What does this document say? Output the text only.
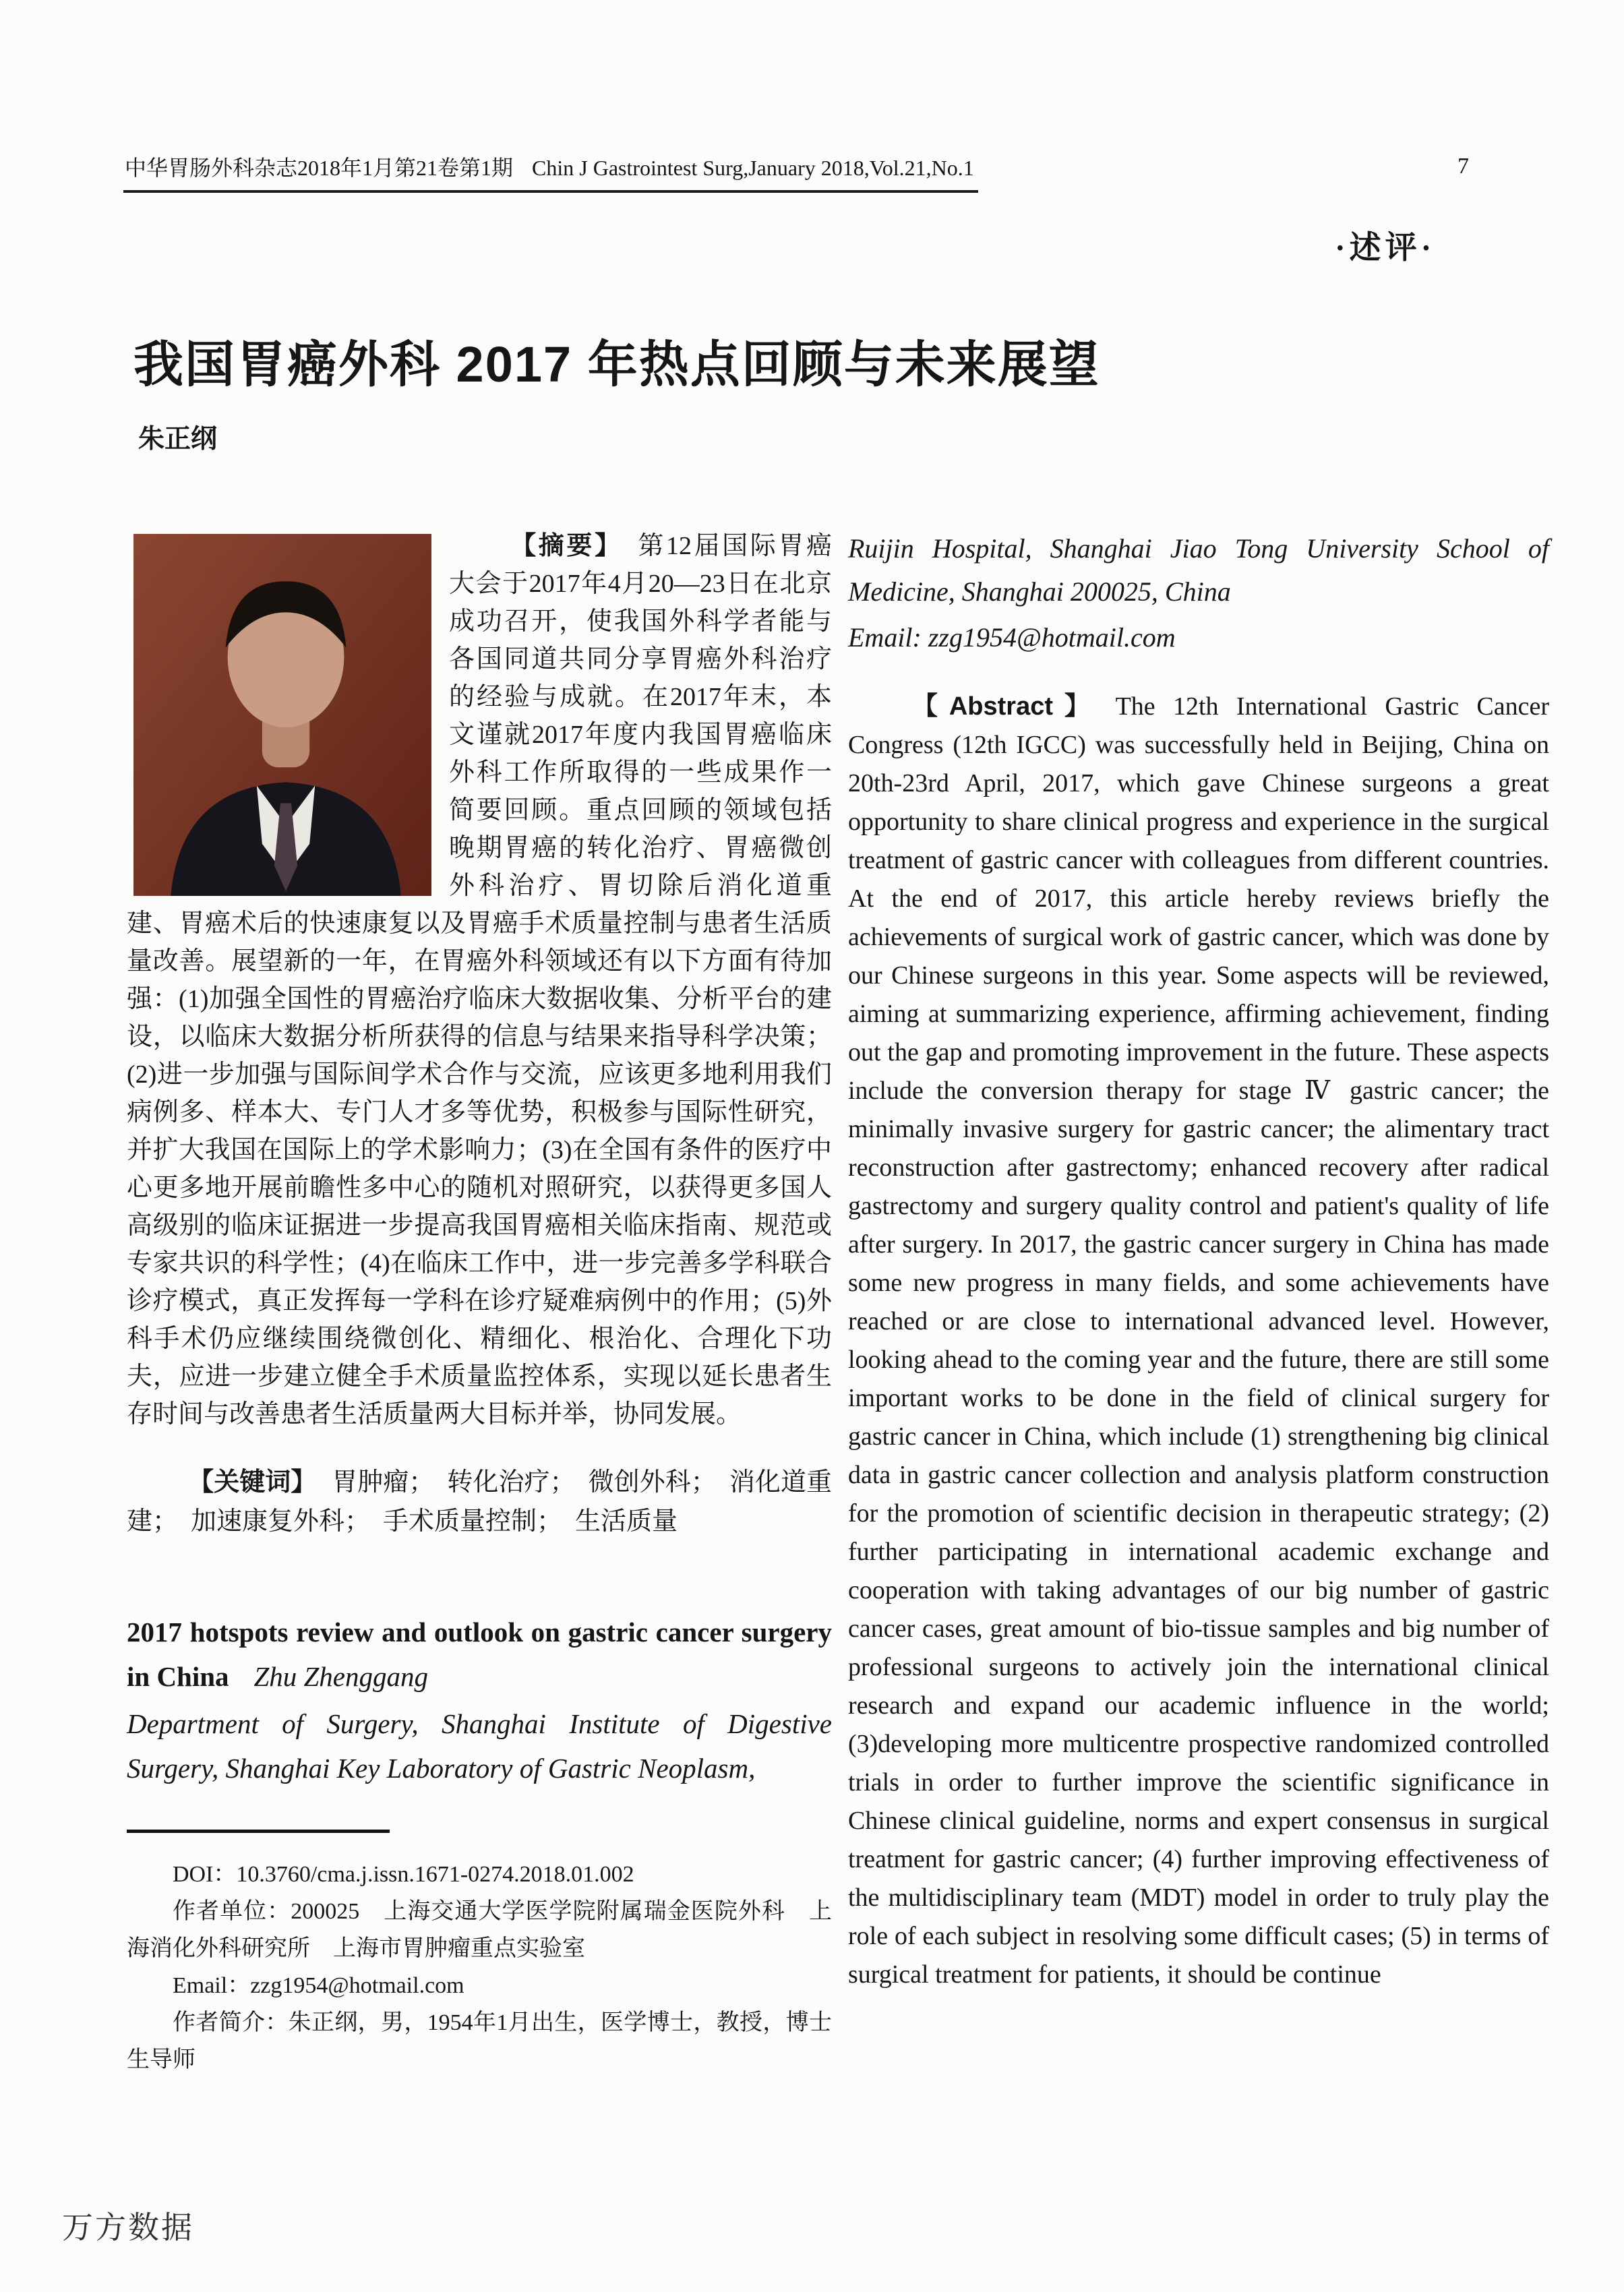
中华胃肠外科杂志2018年1月第21卷第1期 Chin J Gastrointest Surg,January 2018,Vol.21,No.1	7
·述评·
我国胃癌外科 2017 年热点回顾与未来展望
朱正纲

【摘要】 第12届国际胃癌大会于2017年4月20—23日在北京成功召开，使我国外科学者能与各国同道共同分享胃癌外科治疗的经验与成就。在2017年末，本文谨就2017年度内我国胃癌临床外科工作所取得的一些成果作一简要回顾。重点回顾的领域包括晚期胃癌的转化治疗、胃癌微创外科治疗、胃切除后消化道重建、胃癌术后的快速康复以及胃癌手术质量控制与患者生活质量改善。展望新的一年，在胃癌外科领域还有以下方面有待加强：(1)加强全国性的胃癌治疗临床大数据收集、分析平台的建设，以临床大数据分析所获得的信息与结果来指导科学决策；(2)进一步加强与国际间学术合作与交流，应该更多地利用我们病例多、样本大、专门人才多等优势，积极参与国际性研究，并扩大我国在国际上的学术影响力；(3)在全国有条件的医疗中心更多地开展前瞻性多中心的随机对照研究，以获得更多国人高级别的临床证据进一步提高我国胃癌相关临床指南、规范或专家共识的科学性；(4)在临床工作中，进一步完善多学科联合诊疗模式，真正发挥每一学科在诊疗疑难病例中的作用；(5)外科手术仍应继续围绕微创化、精细化、根治化、合理化下功夫，应进一步建立健全手术质量监控体系，实现以延长患者生存时间与改善患者生活质量两大目标并举，协同发展。

【关键词】 胃肿瘤；　转化治疗；　微创外科；　消化道重建；　加速康复外科；　手术质量控制；　生活质量

2017 hotspots review and outlook on gastric cancer surgery in China Zhu Zhenggang

Department of Surgery, Shanghai Institute of Digestive Surgery, Shanghai Key Laboratory of Gastric Neoplasm,

DOI：10.3760/cma.j.issn.1671-0274.2018.01.002

作者单位：200025　上海交通大学医学院附属瑞金医院外科　上海消化外科研究所　上海市胃肿瘤重点实验室

Email：zzg1954@hotmail.com

作者简介：朱正纲，男，1954年1月出生，医学博士，教授，博士生导师

Ruijin Hospital, Shanghai Jiao Tong University School of Medicine, Shanghai 200025, China

Email: zzg1954@hotmail.com

【Abstract】 The 12th International Gastric Cancer Congress (12th IGCC) was successfully held in Beijing, China on 20th-23rd April, 2017, which gave Chinese surgeons a great opportunity to share clinical progress and experience in the surgical treatment of gastric cancer with colleagues from different countries. At the end of 2017, this article hereby reviews briefly the achievements of surgical work of gastric cancer, which was done by our Chinese surgeons in this year. Some aspects will be reviewed, aiming at summarizing experience, affirming achievement, finding out the gap and promoting improvement in the future. These aspects include the conversion therapy for stage Ⅳ gastric cancer; the minimally invasive surgery for gastric cancer; the alimentary tract reconstruction after gastrectomy; enhanced recovery after radical gastrectomy and surgery quality control and patient's quality of life after surgery. In 2017, the gastric cancer surgery in China has made some new progress in many fields, and some achievements have reached or are close to international advanced level. However, looking ahead to the coming year and the future, there are still some important works to be done in the field of clinical surgery for gastric cancer in China, which include (1) strengthening big clinical data in gastric cancer collection and analysis platform construction for the promotion of scientific decision in therapeutic strategy; (2) further participating in international academic exchange and cooperation with taking advantages of our big number of gastric cancer cases, great amount of bio-tissue samples and big number of professional surgeons to actively join the international clinical research and expand our academic influence in the world; (3)developing more multicentre prospective randomized controlled trials in order to further improve the scientific significance in Chinese clinical guideline, norms and expert consensus in surgical treatment for gastric cancer; (4) further improving effectiveness of the multidisciplinary team (MDT) model in order to truly play the role of each subject in resolving some difficult cases; (5) in terms of surgical treatment for patients, it should be continue

万方数据
